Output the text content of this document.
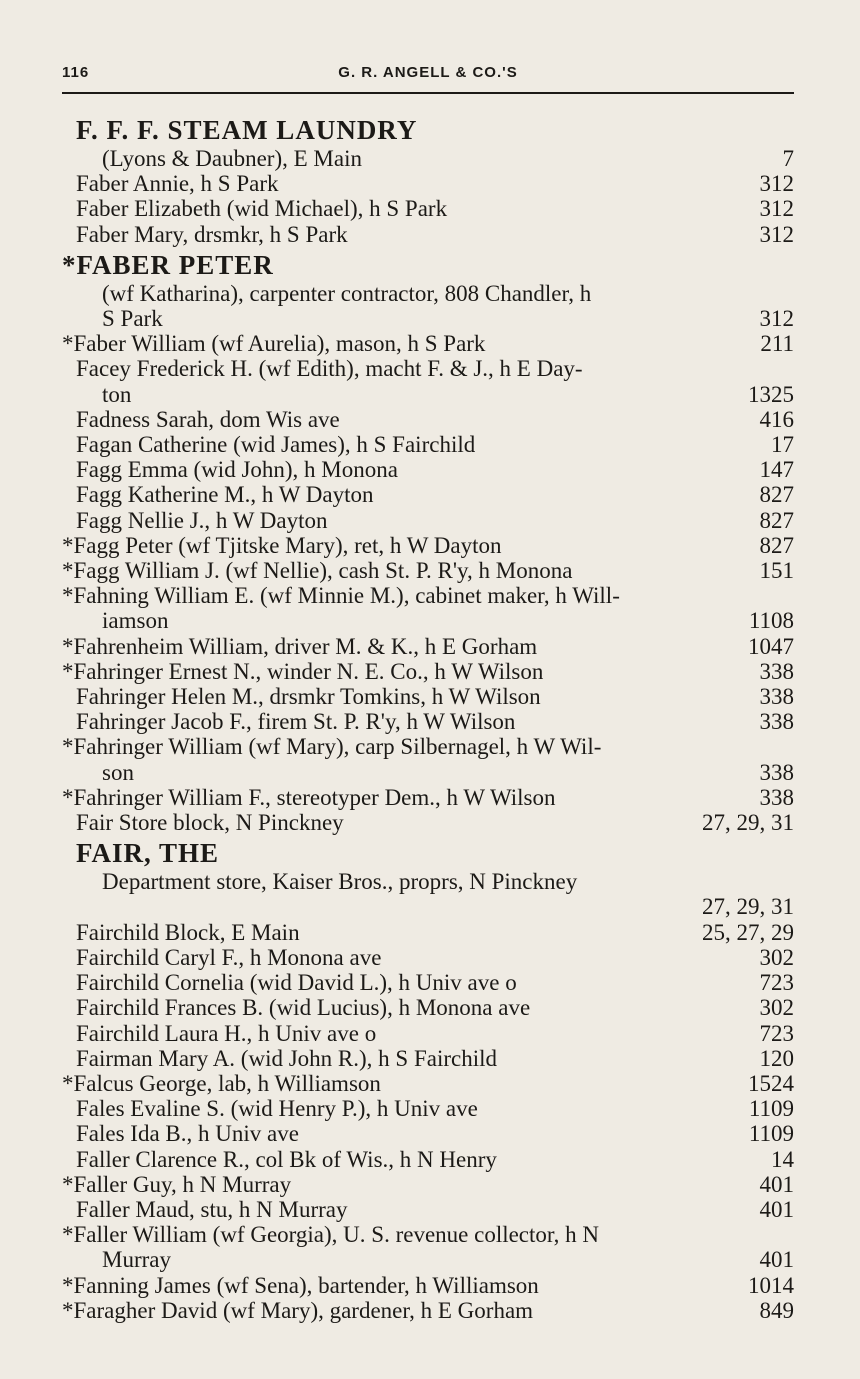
116	G. R. ANGELL & CO.'S
F. F. F. STEAM LAUNDRY
(Lyons & Daubner), E Main	7
Faber Annie, h S Park	312
Faber Elizabeth (wid Michael), h S Park	312
Faber Mary, drsmkr, h S Park	312
*FABER PETER
(wf Katharina), carpenter contractor, 808 Chandler, h
S Park	312
*Faber William (wf Aurelia), mason, h S Park	211
Facey Frederick H. (wf Edith), macht F. & J., h E Day-
ton	1325
Fadness Sarah, dom Wis ave	416
Fagan Catherine (wid James), h S Fairchild	17
Fagg Emma (wid John), h Monona	147
Fagg Katherine M., h W Dayton	827
Fagg Nellie J., h W Dayton	827
*Fagg Peter (wf Tjitske Mary), ret, h W Dayton	827
*Fagg William J. (wf Nellie), cash St. P. R'y, h Monona	151
*Fahning William E. (wf Minnie M.), cabinet maker, h Will-
iamson	1108
*Fahrenheim William, driver M. & K., h E Gorham	1047
*Fahringer Ernest N., winder N. E. Co., h W Wilson	338
Fahringer Helen M., drsmkr Tomkins, h W Wilson	338
Fahringer Jacob F., firem St. P. R'y, h W Wilson	338
*Fahringer William (wf Mary), carp Silbernagel, h W Wil-
son	338
*Fahringer William F., stereotyper Dem., h W Wilson	338
Fair Store block, N Pinckney	27, 29, 31
FAIR, THE
Department store, Kaiser Bros., proprs, N Pinckney
27, 29, 31
Fairchild Block, E Main	25, 27, 29
Fairchild Caryl F., h Monona ave	302
Fairchild Cornelia (wid David L.), h Univ ave o	723
Fairchild Frances B. (wid Lucius), h Monona ave	302
Fairchild Laura H., h Univ ave o	723
Fairman Mary A. (wid John R.), h S Fairchild	120
*Falcus George, lab, h Williamson	1524
Fales Evaline S. (wid Henry P.), h Univ ave	1109
Fales Ida B., h Univ ave	1109
Faller Clarence R., col Bk of Wis., h N Henry	14
*Faller Guy, h N Murray	401
Faller Maud, stu, h N Murray	401
*Faller William (wf Georgia), U. S. revenue collector, h N
Murray	401
*Fanning James (wf Sena), bartender, h Williamson	1014
*Faragher David (wf Mary), gardener, h E Gorham	849
